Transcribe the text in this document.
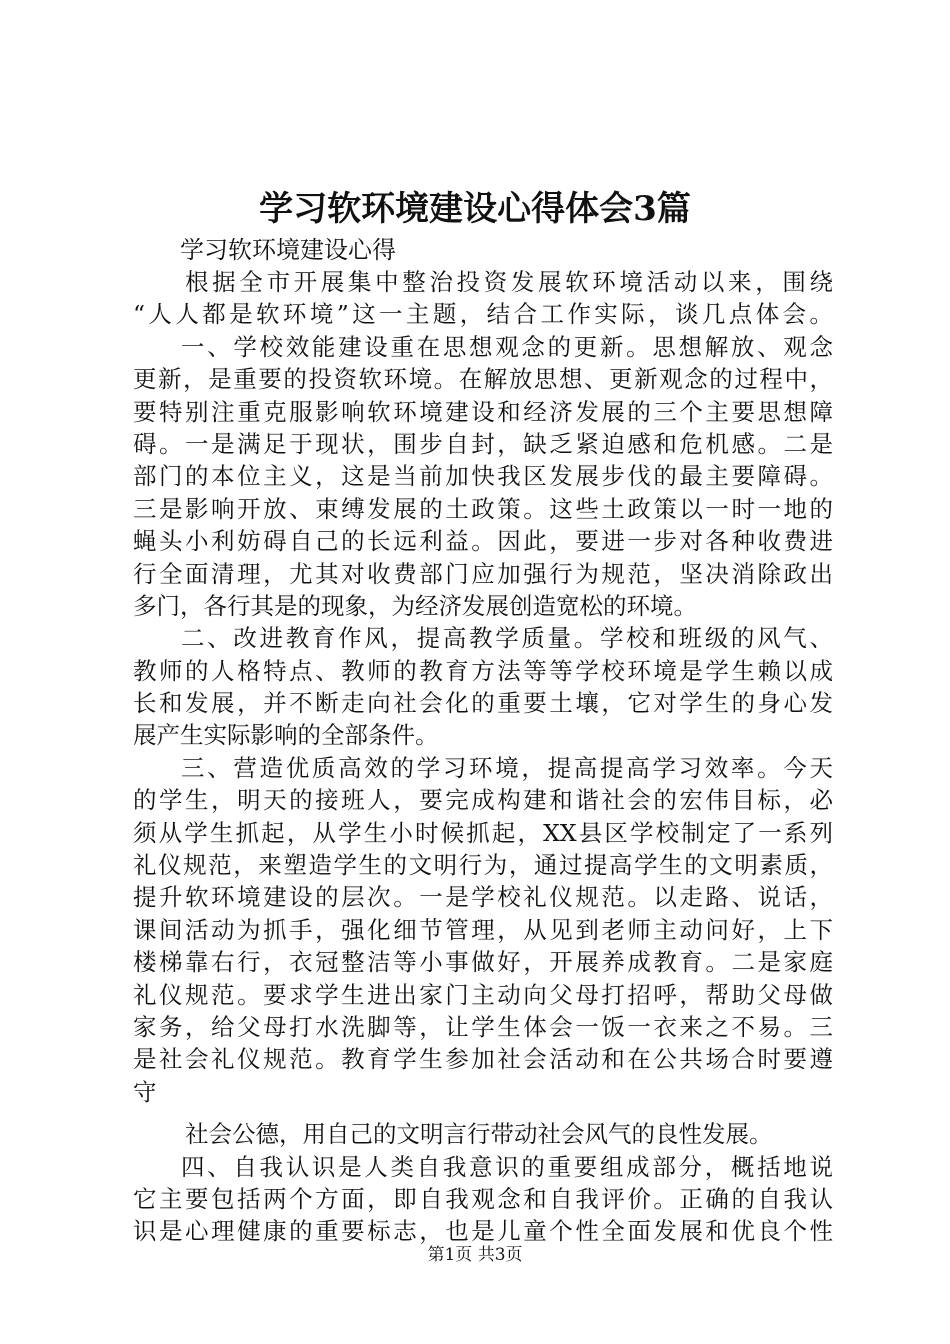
学习软环境建设心得体会3篇
学习软环境建设心得
根据全市开展集中整治投资发展软环境活动以来，围绕
“人人都是软环境”这一主题，结合工作实际，谈几点体会。
一、学校效能建设重在思想观念的更新。思想解放、观念
更新，是重要的投资软环境。在解放思想、更新观念的过程中，
要特别注重克服影响软环境建设和经济发展的三个主要思想障
碍。一是满足于现状，围步自封，缺乏紧迫感和危机感。二是
部门的本位主义，这是当前加快我区发展步伐的最主要障碍。
三是影响开放、束缚发展的土政策。这些土政策以一时一地的
蝇头小利妨碍自己的长远利益。因此，要进一步对各种收费进
行全面清理，尤其对收费部门应加强行为规范，坚决消除政出
多门，各行其是的现象，为经济发展创造宽松的环境。
二、改进教育作风，提高教学质量。学校和班级的风气、
教师的人格特点、教师的教育方法等等学校环境是学生赖以成
长和发展，并不断走向社会化的重要土壤，它对学生的身心发
展产生实际影响的全部条件。
三、营造优质高效的学习环境，提高提高学习效率。今天
的学生，明天的接班人，要完成构建和谐社会的宏伟目标，必
须从学生抓起，从学生小时候抓起，XX县区学校制定了一系列
礼仪规范，来塑造学生的文明行为，通过提高学生的文明素质，
提升软环境建设的层次。一是学校礼仪规范。以走路、说话，
课间活动为抓手，强化细节管理，从见到老师主动问好，上下
楼梯靠右行，衣冠整洁等小事做好，开展养成教育。二是家庭
礼仪规范。要求学生进出家门主动向父母打招呼，帮助父母做
家务，给父母打水洗脚等，让学生体会一饭一衣来之不易。三
是社会礼仪规范。教育学生参加社会活动和在公共场合时要遵
守
社会公德，用自己的文明言行带动社会风气的良性发展。
四、自我认识是人类自我意识的重要组成部分，概括地说
它主要包括两个方面，即自我观念和自我评价。正确的自我认
识是心理健康的重要标志，也是儿童个性全面发展和优良个性
第1页 共3页
